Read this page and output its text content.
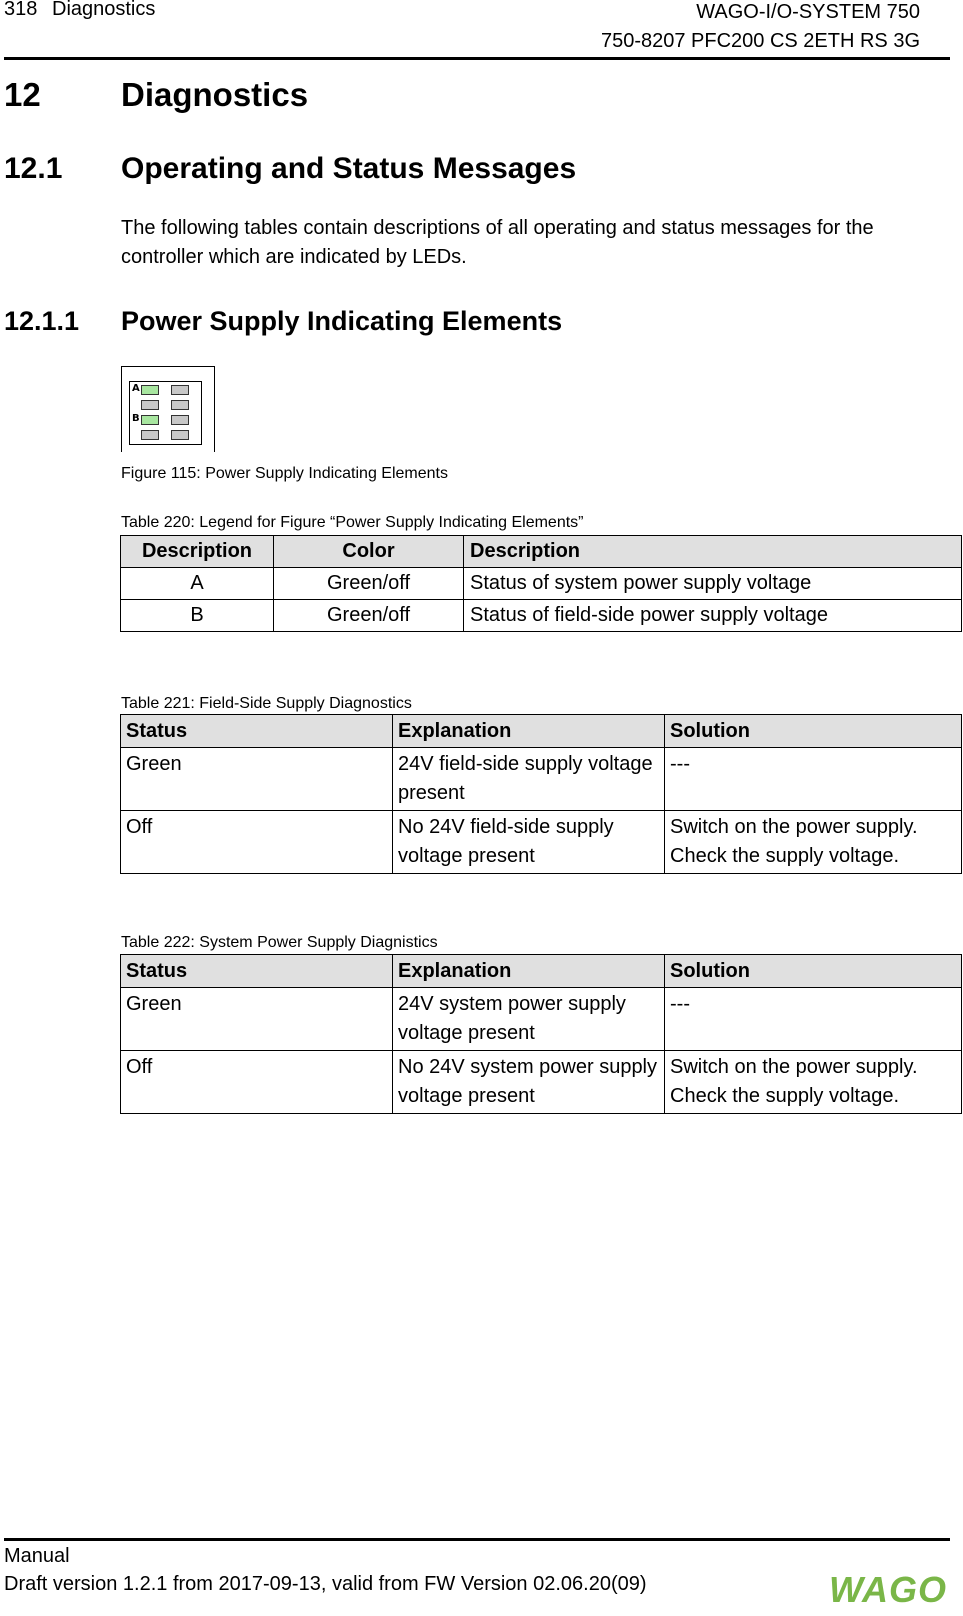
318 Diagnostics	WAGO-I/O-SYSTEM 750
750-8207 PFC200 CS 2ETH RS 3G
12 Diagnostics
12.1 Operating and Status Messages
The following tables contain descriptions of all operating and status messages for the controller which are indicated by LEDs.
12.1.1 Power Supply Indicating Elements
A
B
Figure 115: Power Supply Indicating Elements
Table 220: Legend for Figure “Power Supply Indicating Elements”
Description	Color	Description
A	Green/off	Status of system power supply voltage
B	Green/off	Status of field-side power supply voltage
Table 221: Field-Side Supply Diagnostics
Status	Explanation	Solution
Green	24V field-side supply voltage present	---
Off	No 24V field-side supply voltage present	Switch on the power supply. Check the supply voltage.
Table 222: System Power Supply Diagnistics
Status	Explanation	Solution
Green	24V system power supply voltage present	---
Off	No 24V system power supply voltage present	Switch on the power supply. Check the supply voltage.
Manual
Draft version 1.2.1 from 2017-09-13, valid from FW Version 02.06.20(09)	WAGO
